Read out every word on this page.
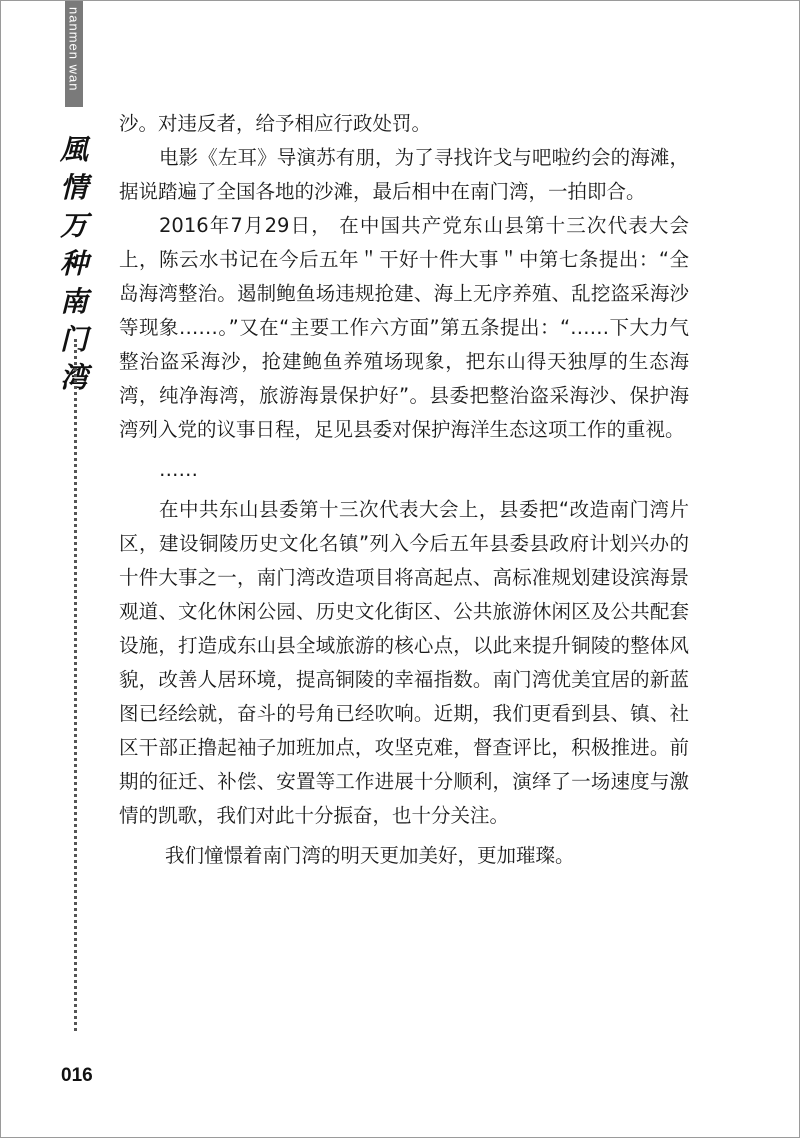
nanmen wan
風情万种南门湾
016

沙。对违反者，给予相应行政处罚。

电影《左耳》导演苏有朋，为了寻找许戈与吧啦约会的海滩，据说踏遍了全国各地的沙滩，最后相中在南门湾，一拍即合。

2016年7月29日， 在中国共产党东山县第十三次代表大会上，陈云水书记在今后五年＂干好十件大事＂中第七条提出：“全岛海湾整治。遏制鲍鱼场违规抢建、海上无序养殖、乱挖盗采海沙等现象……。”又在“主要工作六方面”第五条提出：“……下大力气整治盗采海沙，抢建鲍鱼养殖场现象，把东山得天独厚的生态海湾，纯净海湾，旅游海景保护好”。县委把整治盗采海沙、保护海湾列入党的议事日程，足见县委对保护海洋生态这项工作的重视。

……

在中共东山县委第十三次代表大会上，县委把“改造南门湾片区，建设铜陵历史文化名镇”列入今后五年县委县政府计划兴办的十件大事之一，南门湾改造项目将高起点、高标准规划建设滨海景观道、文化休闲公园、历史文化街区、公共旅游休闲区及公共配套设施，打造成东山县全域旅游的核心点，以此来提升铜陵的整体风貌，改善人居环境，提高铜陵的幸福指数。南门湾优美宜居的新蓝图已经绘就，奋斗的号角已经吹响。近期，我们更看到县、镇、社区干部正撸起袖子加班加点，攻坚克难，督查评比，积极推进。前期的征迁、补偿、安置等工作进展十分顺利，演绎了一场速度与激情的凯歌，我们对此十分振奋，也十分关注。

我们憧憬着南门湾的明天更加美好，更加璀璨。
